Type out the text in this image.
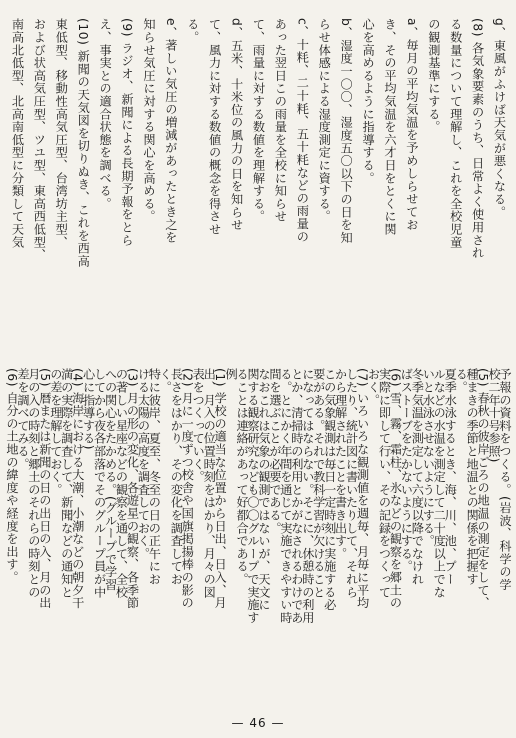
g、東風がふけば天気が悪くなる。
(8) 各気象要素のうち、日常よく使用され
る数量について理解し、これを全校児童
の観測基準にする。
a、毎月の平均気温を予めしらせてお
き、その平均気温を六才日をとくに関
心を高めるように指導する。
b、湿度一〇〇、湿度五〇以下の日を知
らせ体感による湿度測定に資する。
c、十粍、二十粍、五十粍などの雨量の
あった翌日この雨量を全校に知らせ
て、雨量に対する数値を理解する。
d、五米、十米位の風力の日を知らせ
て、風力に対する数値の概念を得させ
る。
e、著しい気圧の増減があったとき之を
知らせ気圧に対する関心を高める。
(9) ラジオ、新聞による長期予報をとら
え、事実との適合状態を調べる。
(10) 新聞の天気図を切りぬき、これを西高
東低型、移動性高気圧型、台湾坊主型、
および状高気圧型、ツユ型、東高西低型、
南高北低型、北高南低型に分類して天気
予報の資料をつくる。(岩波、科学の学
校二年十号参照)
(5) 春秋の彼岸ごろの地温の測定をして、
種まきの季節と地温との関係を把握す
る。
夏季水泳するとき、海、川、池、プー
ルなどの水温を測定して二十度以上でな
いと水泳させないようにする。
冬季気温を測定して六度以降でなけれ
ばストーブをたかないようにする。
(6) 雪、霧、霜柱、氷などの観察を郷土の
実際に即して行い、その記録をつくって
おく。
(7) いろいろな観測値を週毎、月毎に平均
したり、統計図に書いたりして、それら
から理解されたことを書き出す。
この気象観測は毎日一定時刻に実施する必
要がある。それで教科学習が欠けること
になってはならない。そこに、休憩時の利用
とか、清掃時の利用とかがなされるわけであ
る。とにかく年間を通じて実施できやすい時
間を選ぶことが必要である。
なおこれは気象の観測ではないが、天文に
関する観察研究なども〇〇グループで実施す
ることは連絡があって好都合である。
例
(1) 学校の適当な位置から日出、日入、月
出、月入の位置時刻をはかり、月々の図
表をつくっていく。
(2) 月に一度ずつ校舎や国旗掲揚棒の影の
長さをはかり、その変化を調査してお
く。
特に彼岸、夏至、冬至の日の正午にお
ける太陽の高度を調査しておく。
(3) 月の形の変化、各遊星の観察、各季節
の著しい星座などの観察を通して、全校
への関心をたかめる。(グループで学習
してから夜各部落でそのグループ員が中
心に指導する)
(4) 海岸における大潮、小潮などの朝夕干
満の実際を調査して、新聞などの通知と
の差を理解しておく。
(5) 暦または新聞の日の出日の入、月の出
月の入の時刻と郷土のそれらの時刻との
差を調べてみる。
(6) 自分の土地の緯度や経度を出す。
— 46 —
